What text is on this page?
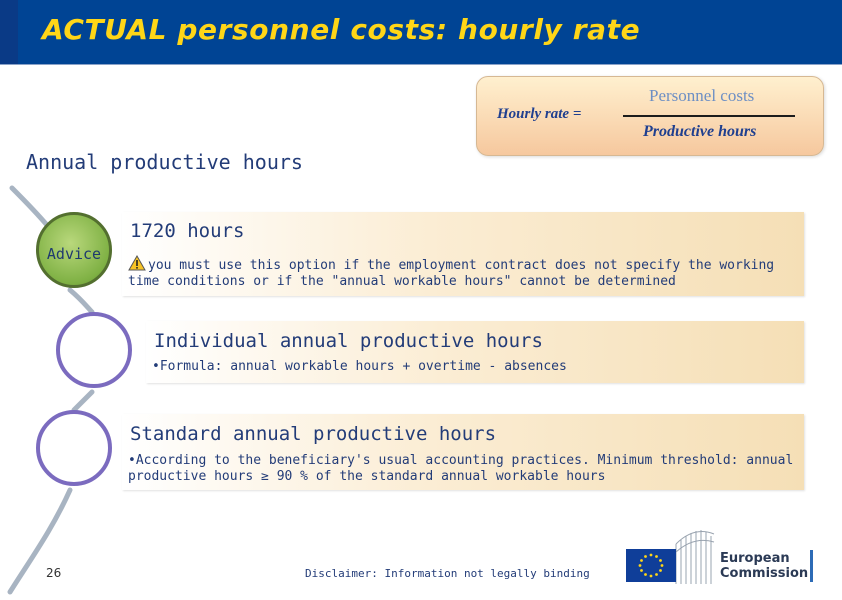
ACTUAL personnel costs: hourly rate
Hourly rate =
Personnel costs
Productive hours
Annual productive hours
Advice
1720 hours
you must use this option if the employment contract does not specify the working time conditions or if the "annual workable hours" cannot be determined
Individual annual productive hours
•Formula: annual workable hours + overtime - absences
Standard annual productive hours
•According to the beneficiary's usual accounting practices. Minimum threshold: annual productive hours ≥ 90 % of the standard annual workable hours
26	Disclaimer: Information not legally binding
European
Commission
